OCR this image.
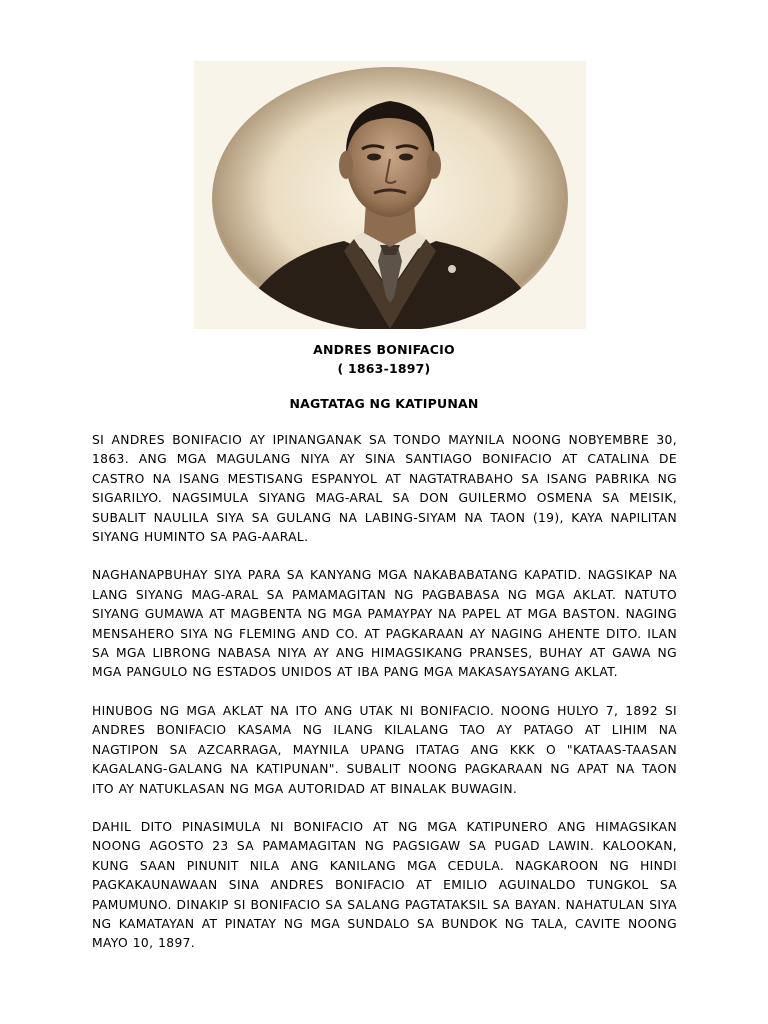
ANDRES BONIFACIO
( 1863-1897)
NAGTATAG NG KATIPUNAN

SI ANDRES BONIFACIO AY IPINANGANAK SA TONDO MAYNILA NOONG NOBYEMBRE 30, 1863. ANG MGA MAGULANG NIYA AY SINA SANTIAGO BONIFACIO AT CATALINA DE CASTRO NA ISANG MESTISANG ESPANYOL AT NAGTATRABAHO SA ISANG PABRIKA NG SIGARILYO. NAGSIMULA SIYANG MAG-ARAL SA DON GUILERMO OSMENA SA MEISIK, SUBALIT NAULILA SIYA SA GULANG NA LABING-SIYAM NA TAON (19), KAYA NAPILITAN SIYANG HUMINTO SA PAG-AARAL.

NAGHANAPBUHAY SIYA PARA SA KANYANG MGA NAKABABATANG KAPATID. NAGSIKAP NA LANG SIYANG MAG-ARAL SA PAMAMAGITAN NG PAGBABASA NG MGA AKLAT. NATUTO SIYANG GUMAWA AT MAGBENTA NG MGA PAMAYPAY NA PAPEL AT MGA BASTON. NAGING MENSAHERO SIYA NG FLEMING AND CO. AT PAGKARAAN AY NAGING AHENTE DITO. ILAN SA MGA LIBRONG NABASA NIYA AY ANG HIMAGSIKANG PRANSES, BUHAY AT GAWA NG MGA PANGULO NG ESTADOS UNIDOS AT IBA PANG MGA MAKASAYSAYANG AKLAT.

HINUBOG NG MGA AKLAT NA ITO ANG UTAK NI BONIFACIO. NOONG HULYO 7, 1892 SI ANDRES BONIFACIO KASAMA NG ILANG KILALANG TAO AY PATAGO AT LIHIM NA NAGTIPON SA AZCARRAGA, MAYNILA UPANG ITATAG ANG KKK O "KATAAS-TAASAN KAGALANG-GALANG NA KATIPUNAN". SUBALIT NOONG PAGKARAAN NG APAT NA TAON ITO AY NATUKLASAN NG MGA AUTORIDAD AT BINALAK BUWAGIN.

DAHIL DITO PINASIMULA NI BONIFACIO AT NG MGA KATIPUNERO ANG HIMAGSIKAN NOONG AGOSTO 23 SA PAMAMAGITAN NG PAGSIGAW SA PUGAD LAWIN. KALOOKAN, KUNG SAAN PINUNIT NILA ANG KANILANG MGA CEDULA. NAGKAROON NG HINDI PAGKAKAUNAWAAN SINA ANDRES BONIFACIO AT EMILIO AGUINALDO TUNGKOL SA PAMUMUNO. DINAKIP SI BONIFACIO SA SALANG PAGTATAKSIL SA BAYAN. NAHATULAN SIYA NG KAMATAYAN AT PINATAY NG MGA SUNDALO SA BUNDOK NG TALA, CAVITE NOONG MAYO 10, 1897.
